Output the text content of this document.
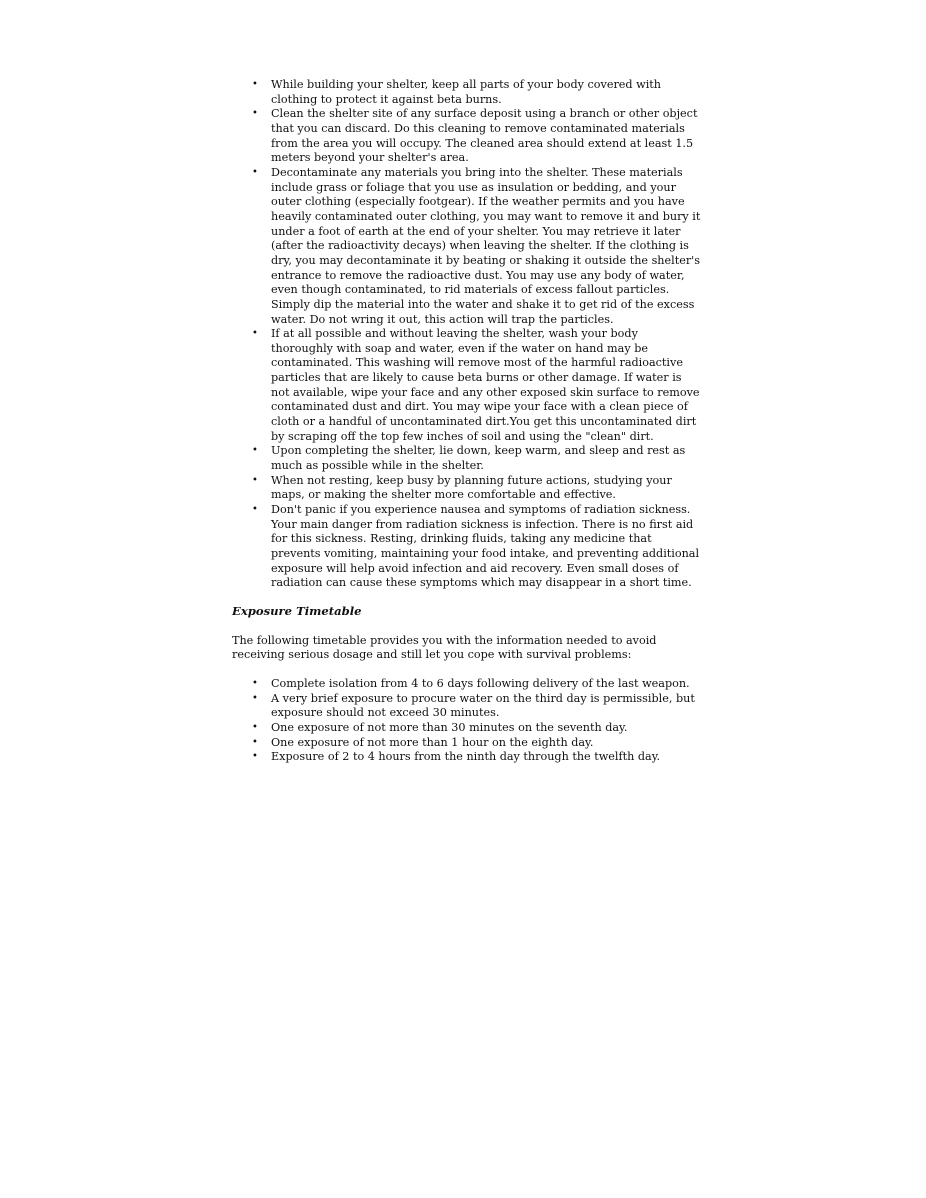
• While building your shelter, keep all parts of your body covered with clothing to protect it against beta burns.
• Clean the shelter site of any surface deposit using a branch or other object that you can discard. Do this cleaning to remove contaminated materials from the area you will occupy. The cleaned area should extend at least 1.5 meters beyond your shelter's area.
• Decontaminate any materials you bring into the shelter. These materials include grass or foliage that you use as insulation or bedding, and your outer clothing (especially footgear). If the weather permits and you have heavily contaminated outer clothing, you may want to remove it and bury it under a foot of earth at the end of your shelter. You may retrieve it later (after the radioactivity decays) when leaving the shelter. If the clothing is dry, you may decontaminate it by beating or shaking it outside the shelter's entrance to remove the radioactive dust. You may use any body of water, even though contaminated, to rid materials of excess fallout particles. Simply dip the material into the water and shake it to get rid of the excess water. Do not wring it out, this action will trap the particles.
• If at all possible and without leaving the shelter, wash your body thoroughly with soap and water, even if the water on hand may be contaminated. This washing will remove most of the harmful radioactive particles that are likely to cause beta burns or other damage. If water is not available, wipe your face and any other exposed skin surface to remove contaminated dust and dirt. You may wipe your face with a clean piece of cloth or a handful of uncontaminated dirt.You get this uncontaminated dirt by scraping off the top few inches of soil and using the "clean" dirt.
• Upon completing the shelter, lie down, keep warm, and sleep and rest as much as possible while in the shelter.
• When not resting, keep busy by planning future actions, studying your maps, or making the shelter more comfortable and effective.
• Don't panic if you experience nausea and symptoms of radiation sickness. Your main danger from radiation sickness is infection. There is no first aid for this sickness. Resting, drinking fluids, taking any medicine that prevents vomiting, maintaining your food intake, and preventing additional exposure will help avoid infection and aid recovery. Even small doses of radiation can cause these symptoms which may disappear in a short time.

Exposure Timetable

The following timetable provides you with the information needed to avoid receiving serious dosage and still let you cope with survival problems:

• Complete isolation from 4 to 6 days following delivery of the last weapon.
• A very brief exposure to procure water on the third day is permissible, but exposure should not exceed 30 minutes.
• One exposure of not more than 30 minutes on the seventh day.
• One exposure of not more than 1 hour on the eighth day.
• Exposure of 2 to 4 hours from the ninth day through the twelfth day.
